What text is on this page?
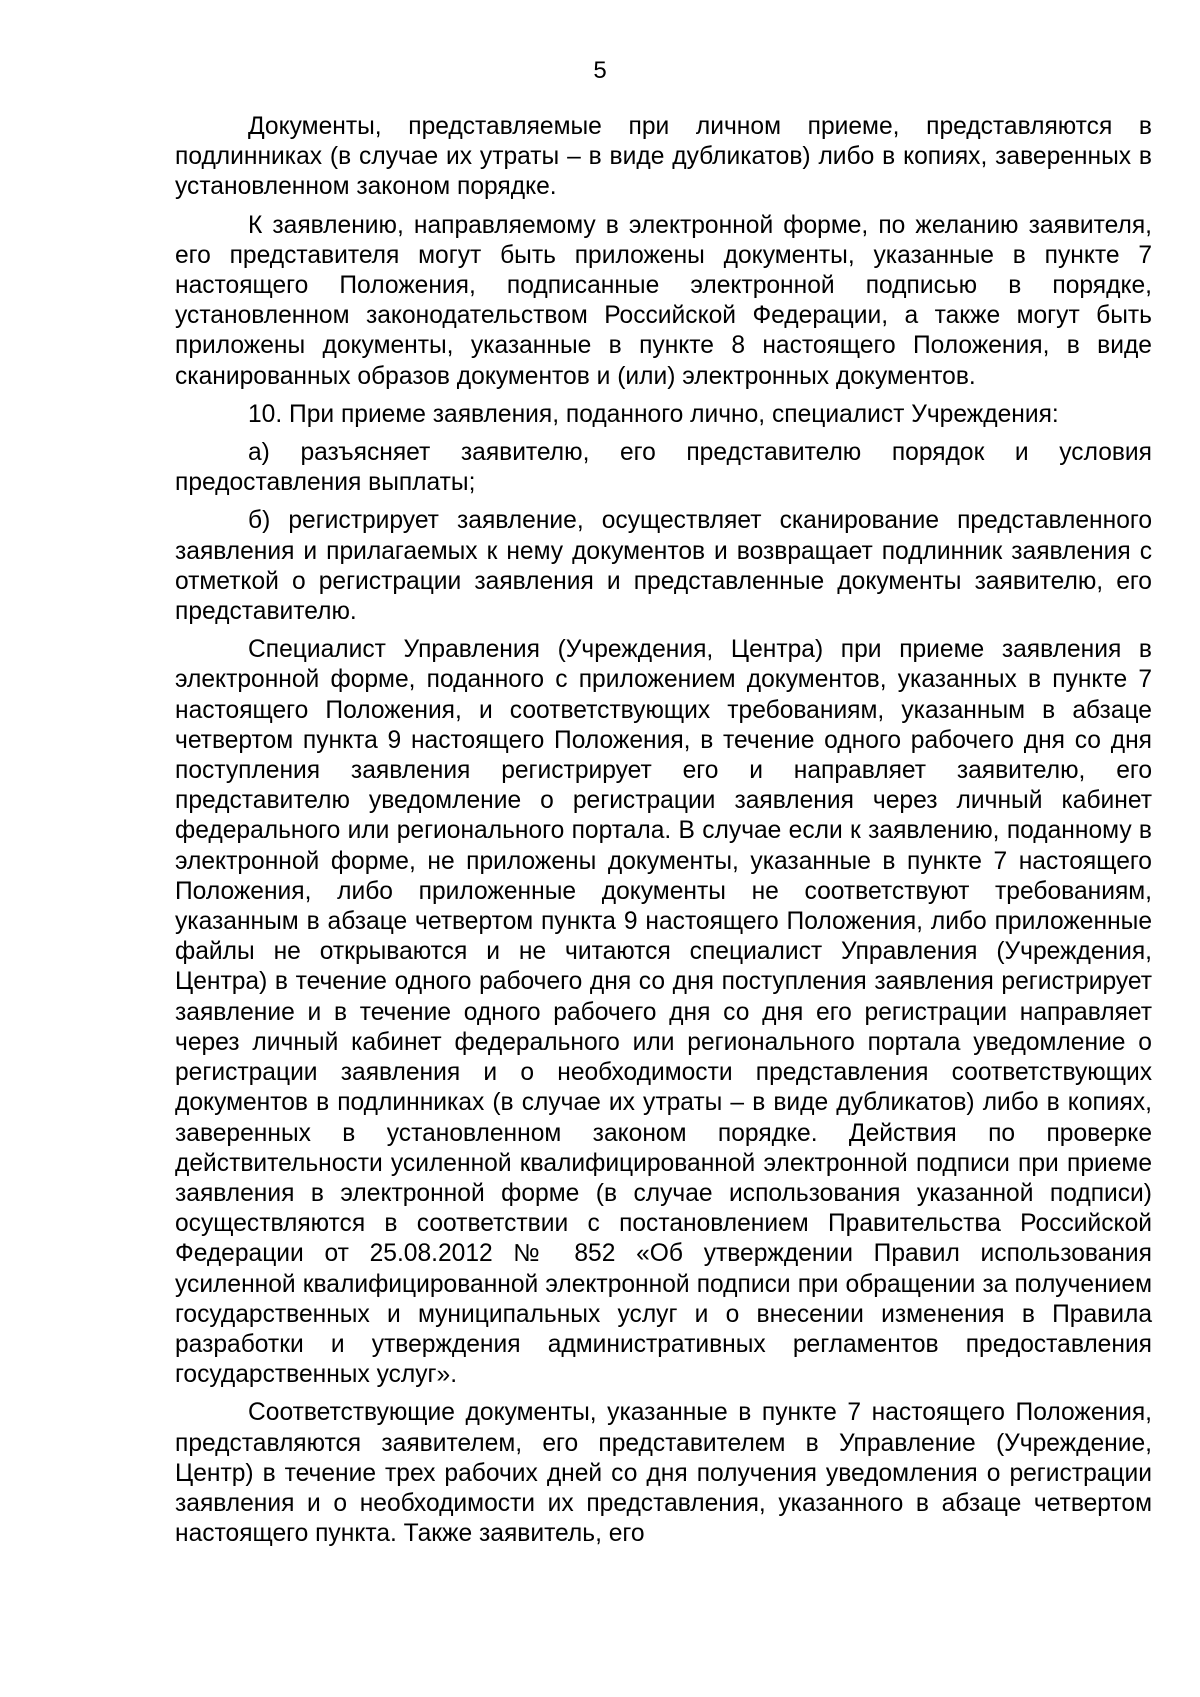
5

Документы, представляемые при личном приеме, представляются в подлинниках (в случае их утраты – в виде дубликатов) либо в копиях, заверенных в установленном законом порядке.

К заявлению, направляемому в электронной форме, по желанию заявителя, его представителя могут быть приложены документы, указанные в пункте 7 настоящего Положения, подписанные электронной подписью в порядке, установленном законодательством Российской Федерации, а также могут быть приложены документы, указанные в пункте 8 настоящего Положения, в виде сканированных образов документов и (или) электронных документов.

10. При приеме заявления, поданного лично, специалист Учреждения:

а) разъясняет заявителю, его представителю порядок и условия предоставления выплаты;

б) регистрирует заявление, осуществляет сканирование представленного заявления и прилагаемых к нему документов и возвращает подлинник заявления с отметкой о регистрации заявления и представленные документы заявителю, его представителю.

Специалист Управления (Учреждения, Центра) при приеме заявления в электронной форме, поданного с приложением документов, указанных в пункте 7 настоящего Положения, и соответствующих требованиям, указанным в абзаце четвертом пункта 9 настоящего Положения, в течение одного рабочего дня со дня поступления заявления регистрирует его и направляет заявителю, его представителю уведомление о регистрации заявления через личный кабинет федерального или регионального портала. В случае если к заявлению, поданному в электронной форме, не приложены документы, указанные в пункте 7 настоящего Положения, либо приложенные документы не соответствуют требованиям, указанным в абзаце четвертом пункта 9 настоящего Положения, либо приложенные файлы не открываются и не читаются специалист Управления (Учреждения, Центра) в течение одного рабочего дня со дня поступления заявления регистрирует заявление и в течение одного рабочего дня со дня его регистрации направляет через личный кабинет федерального или регионального портала уведомление о регистрации заявления и о необходимости представления соответствующих документов в подлинниках (в случае их утраты – в виде дубликатов) либо в копиях, заверенных в установленном законом порядке. Действия по проверке действительности усиленной квалифицированной электронной подписи при приеме заявления в электронной форме (в случае использования указанной подписи) осуществляются в соответствии с постановлением Правительства Российской Федерации от 25.08.2012 № 852 «Об утверждении Правил использования усиленной квалифицированной электронной подписи при обращении за получением государственных и муниципальных услуг и о внесении изменения в Правила разработки и утверждения административных регламентов предоставления государственных услуг».

Соответствующие документы, указанные в пункте 7 настоящего Положения, представляются заявителем, его представителем в Управление (Учреждение, Центр) в течение трех рабочих дней со дня получения уведомления о регистрации заявления и о необходимости их представления, указанного в абзаце четвертом настоящего пункта. Также заявитель, его
